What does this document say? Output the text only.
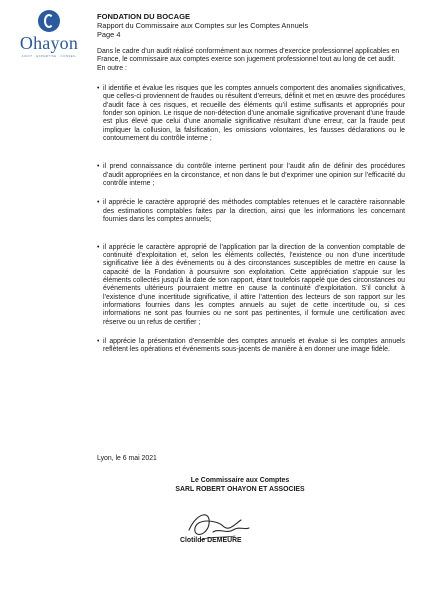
Ohayon
AUDIT · EXPERTISE · CONSEIL
FONDATION DU BOCAGE
Rapport du Commissaire aux Comptes sur les Comptes Annuels
Page 4

Dans le cadre d’un audit réalisé conformément aux normes d’exercice professionnel applicables en France, le commissaire aux comptes exerce son jugement professionnel tout au long de cet audit. En outre :

• il identifie et évalue les risques que les comptes annuels comportent des anomalies significatives, que celles-ci proviennent de fraudes ou résultent d’erreurs, définit et met en œuvre des procédures d’audit face à ces risques, et recueille des éléments qu’il estime suffisants et appropriés pour fonder son opinion. Le risque de non-détection d’une anomalie significative provenant d’une fraude est plus élevé que celui d’une anomalie significative résultant d’une erreur, car la fraude peut impliquer la collusion, la falsification, les omissions volontaires, les fausses déclarations ou le contournement du contrôle interne ;
• il prend connaissance du contrôle interne pertinent pour l’audit afin de définir des procédures d’audit appropriées en la circonstance, et non dans le but d’exprimer une opinion sur l’efficacité du contrôle interne ;
• il apprécie le caractère approprié des méthodes comptables retenues et le caractère raisonnable des estimations comptables faites par la direction, ainsi que les informations les concernant fournies dans les comptes annuels;
• il apprécie le caractère approprié de l’application par la direction de la convention comptable de continuité d’exploitation et, selon les éléments collectés, l’existence ou non d’une incertitude significative liée à des événements ou à des circonstances susceptibles de mettre en cause la capacité de la Fondation à poursuivre son exploitation. Cette appréciation s’appuie sur les éléments collectés jusqu’à la date de son rapport, étant toutefois rappelé que des circonstances ou événements ultérieurs pourraient mettre en cause la continuité d’exploitation. S’il conclut à l’existence d’une incertitude significative, il attire l’attention des lecteurs de son rapport sur les informations fournies dans les comptes annuels au sujet de cette incertitude ou, si ces informations ne sont pas fournies ou ne sont pas pertinentes, il formule une certification avec réserve ou un refus de certifier ;
• il apprécie la présentation d’ensemble des comptes annuels et évalue si les comptes annuels reflètent les opérations et événements sous-jacents de manière à en donner une image fidèle.
Lyon, le 6 mai 2021
Le Commissaire aux Comptes
SARL ROBERT OHAYON ET ASSOCIES
Clotilde DEMEURE
